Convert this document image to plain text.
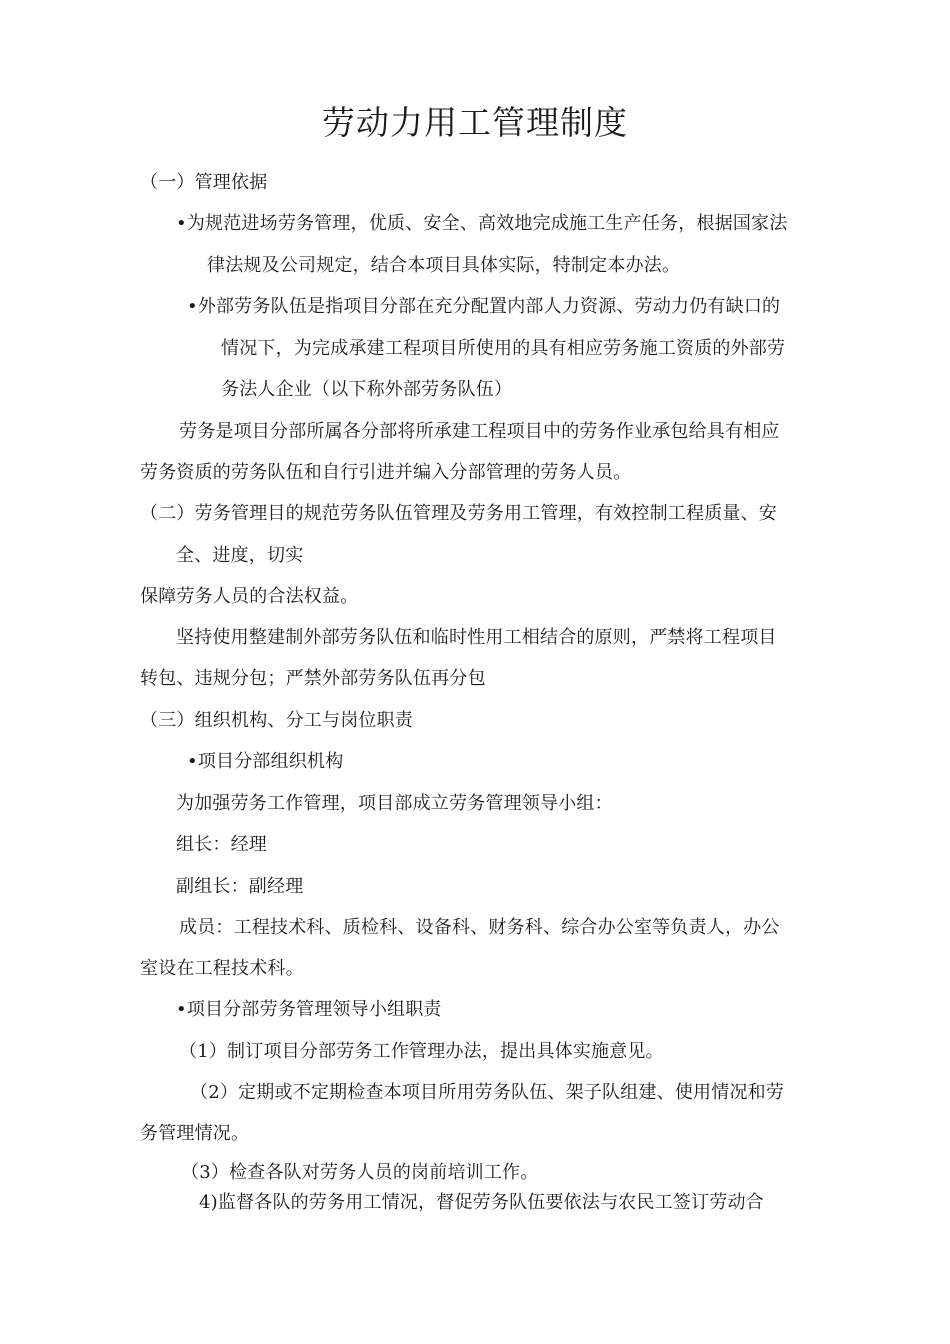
劳动力用工管理制度
（一）管理依据
•为规范进场劳务管理，优质、安全、高效地完成施工生产任务，根据国家法
律法规及公司规定，结合本项目具体实际，特制定本办法。
•外部劳务队伍是指项目分部在充分配置内部人力资源、劳动力仍有缺口的
情况下，为完成承建工程项目所使用的具有相应劳务施工资质的外部劳
务法人企业（以下称外部劳务队伍）
劳务是项目分部所属各分部将所承建工程项目中的劳务作业承包给具有相应
劳务资质的劳务队伍和自行引进并编入分部管理的劳务人员。
（二）劳务管理目的规范劳务队伍管理及劳务用工管理，有效控制工程质量、安
全、进度，切实
保障劳务人员的合法权益。
坚持使用整建制外部劳务队伍和临时性用工相结合的原则，严禁将工程项目
转包、违规分包；严禁外部劳务队伍再分包
（三）组织机构、分工与岗位职责
•项目分部组织机构
为加强劳务工作管理，项目部成立劳务管理领导小组：
组长：经理
副组长：副经理
成员：工程技术科、质检科、设备科、财务科、综合办公室等负责人，办公
室设在工程技术科。
•项目分部劳务管理领导小组职责
（1）制订项目分部劳务工作管理办法，提出具体实施意见。
（2）定期或不定期检查本项目所用劳务队伍、架子队组建、使用情况和劳
务管理情况。
（3）检查各队对劳务人员的岗前培训工作。
4)监督各队的劳务用工情况，督促劳务队伍要依法与农民工签订劳动合
